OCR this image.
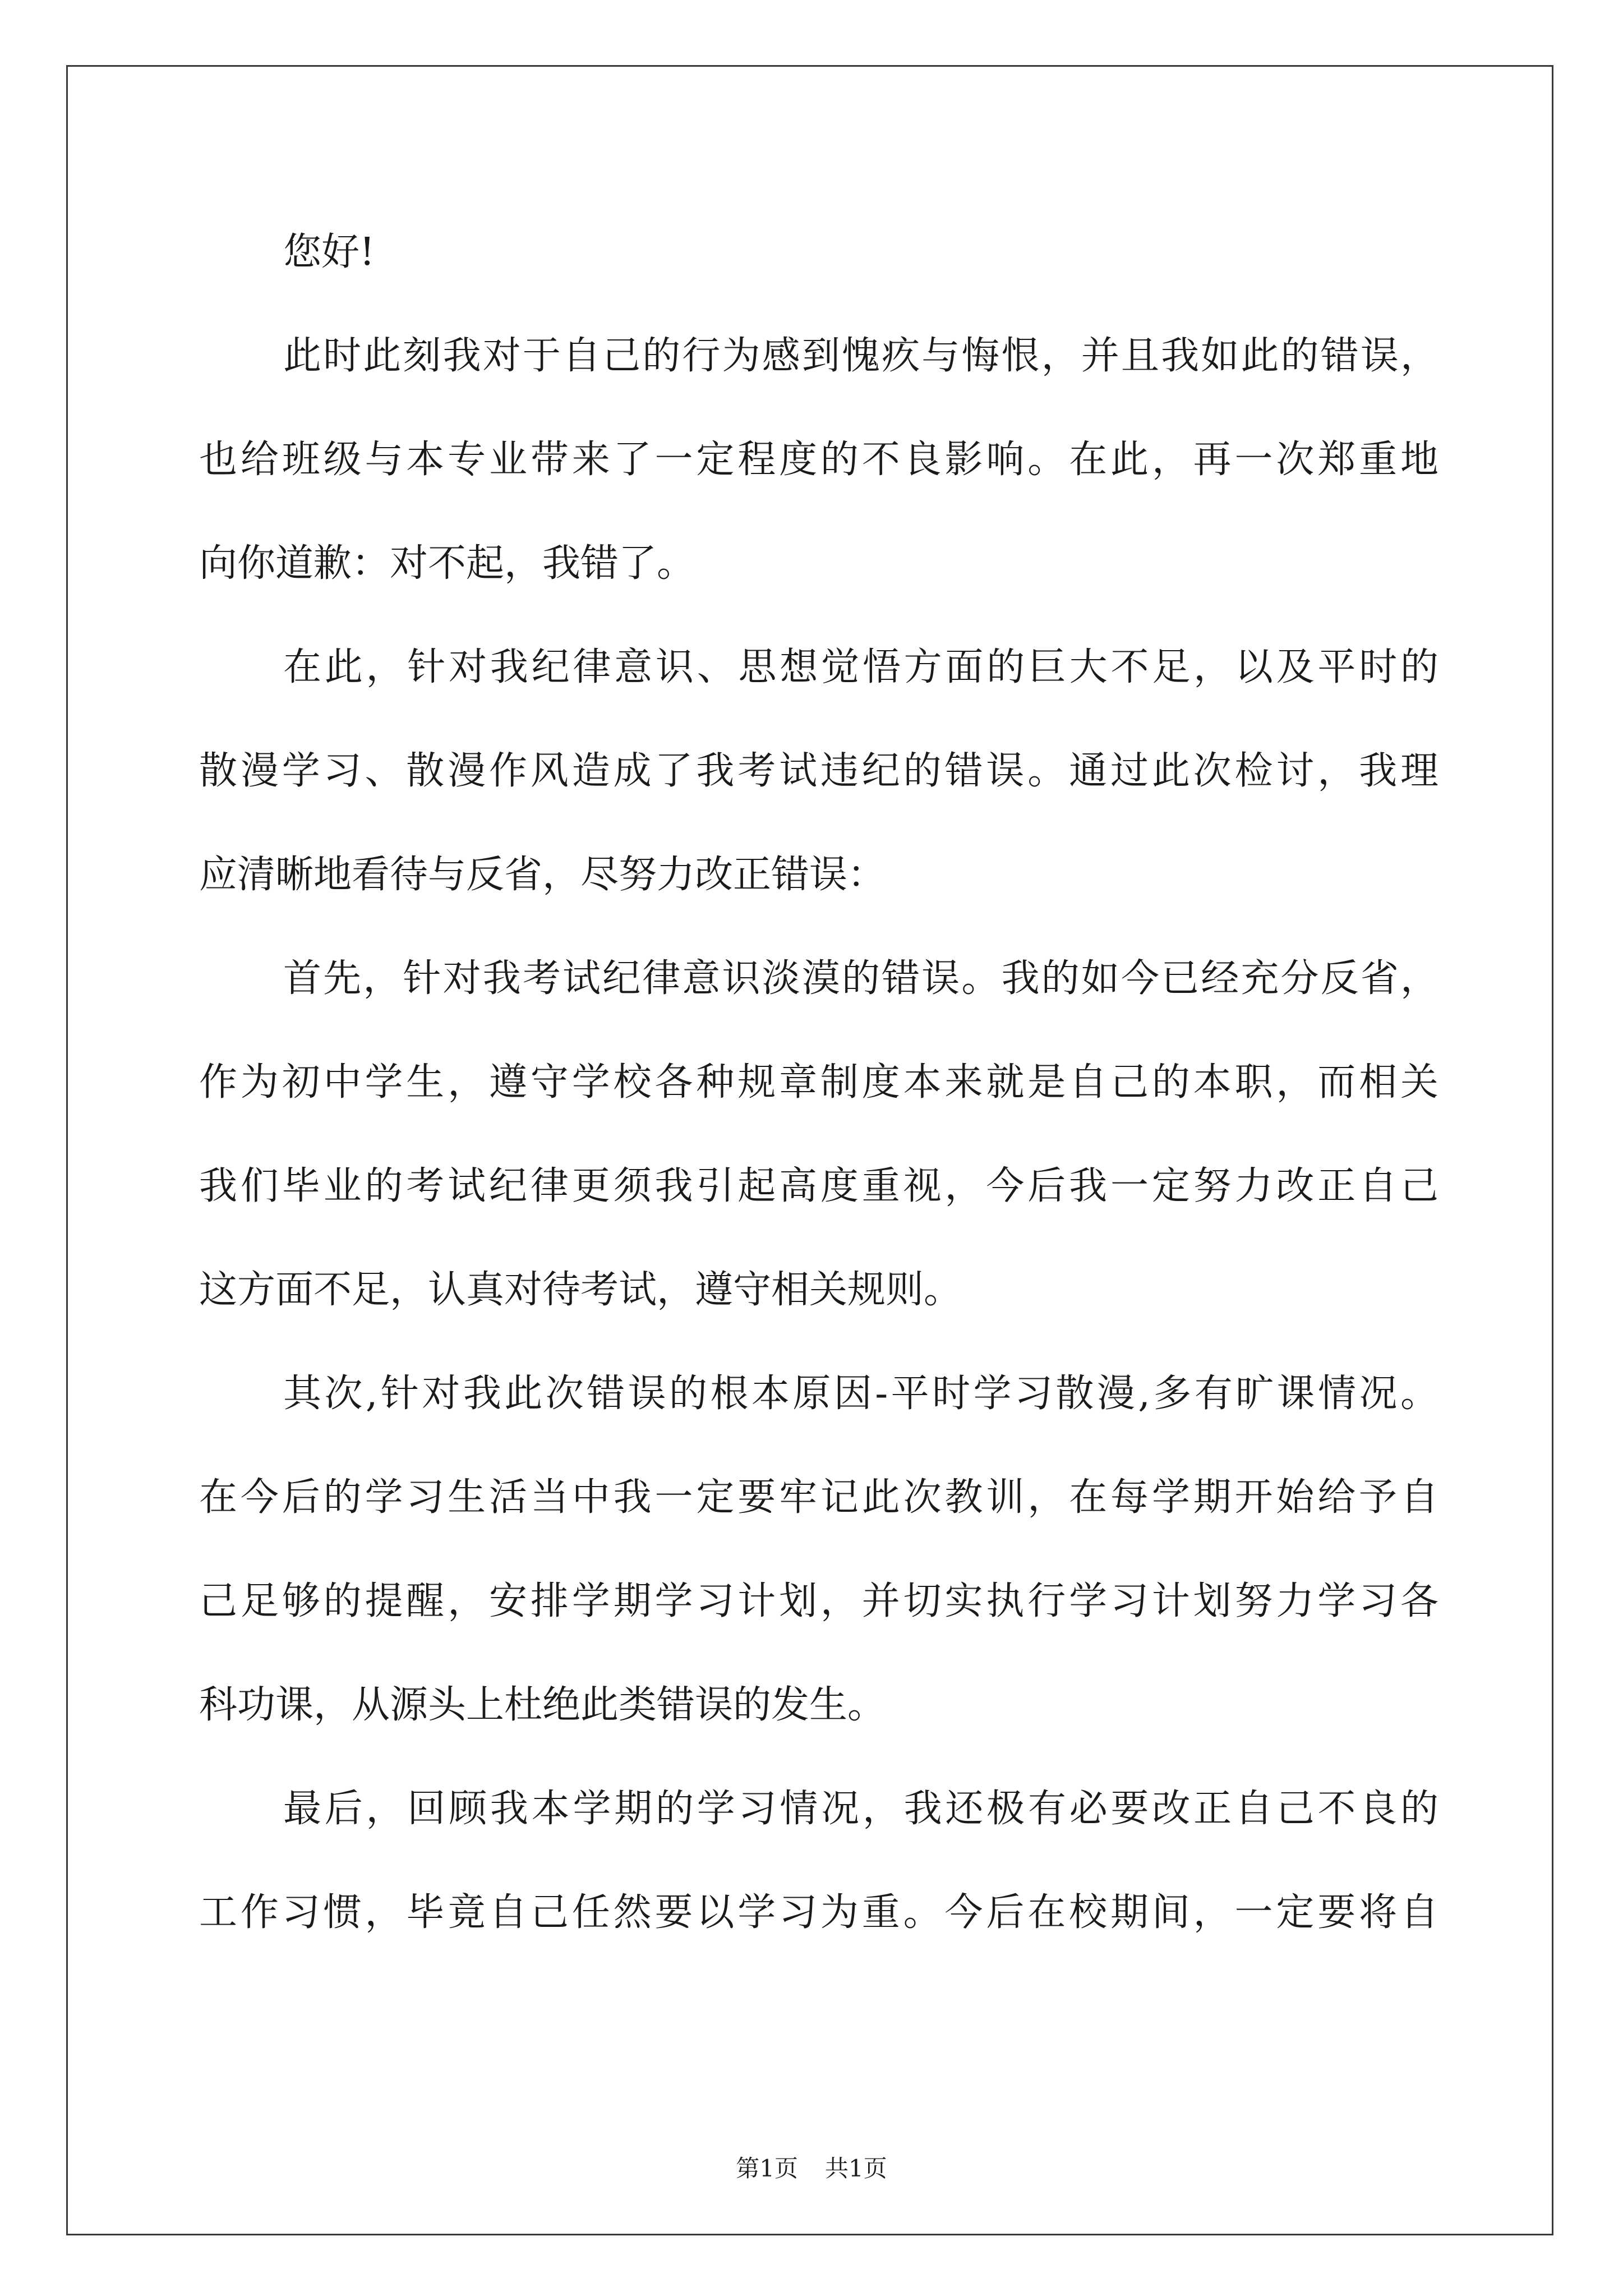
您好!

此时此刻我对于自己的行为感到愧疚与悔恨，并且我如此的错误，

也给班级与本专业带来了一定程度的不良影响。在此，再一次郑重地

向你道歉：对不起，我错了。

在此，针对我纪律意识、思想觉悟方面的巨大不足，以及平时的

散漫学习、散漫作风造成了我考试违纪的错误。通过此次检讨，我理

应清晰地看待与反省，尽努力改正错误：

首先，针对我考试纪律意识淡漠的错误。我的如今已经充分反省，

作为初中学生，遵守学校各种规章制度本来就是自己的本职，而相关

我们毕业的考试纪律更须我引起高度重视，今后我一定努力改正自己

这方面不足，认真对待考试，遵守相关规则。

其次,针对我此次错误的根本原因-平时学习散漫,多有旷课情况。

在今后的学习生活当中我一定要牢记此次教训，在每学期开始给予自

己足够的提醒，安排学期学习计划，并切实执行学习计划努力学习各

科功课，从源头上杜绝此类错误的发生。

最后，回顾我本学期的学习情况，我还极有必要改正自己不良的

工作习惯，毕竟自己任然要以学习为重。今后在校期间，一定要将自

第1页 共1页
